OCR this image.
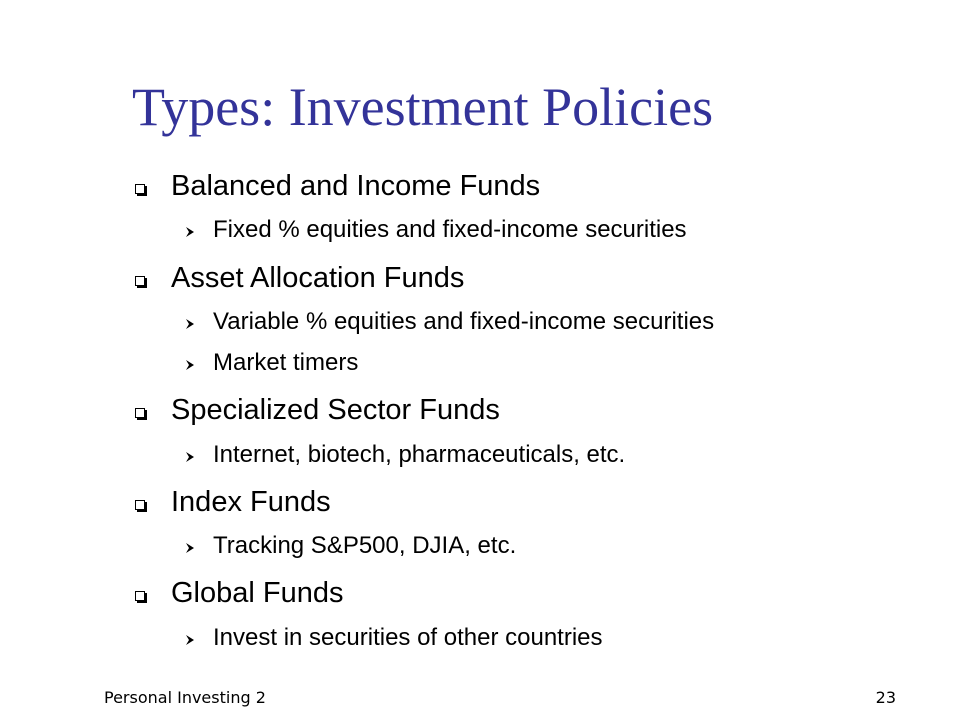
Types: Investment Policies
Balanced and Income Funds
Fixed % equities and fixed-income securities
Asset Allocation Funds
Variable % equities and fixed-income securities
Market timers
Specialized Sector Funds
Internet, biotech, pharmaceuticals, etc.
Index Funds
Tracking S&P500, DJIA, etc.
Global Funds
Invest in securities of other countries
Personal Investing 2	23
